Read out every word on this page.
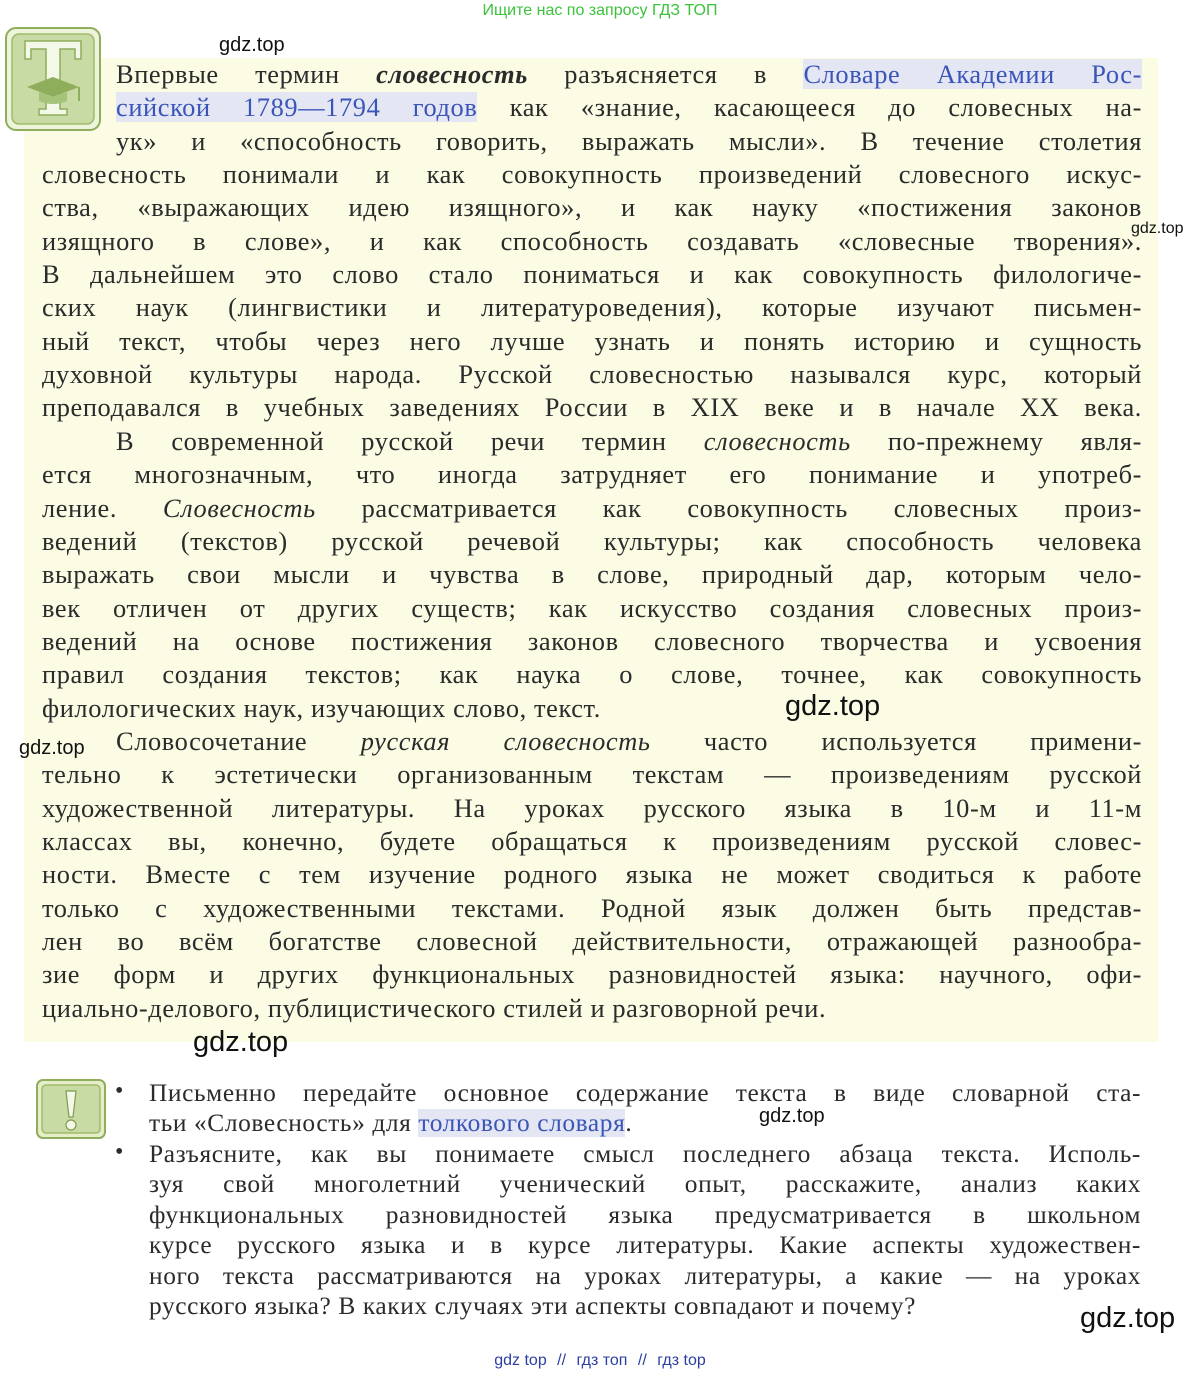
Ищите нас по запросу ГДЗ ТОП
Впервые термин словесность разъясняется в Словаре Академии Рос-
сийской 1789—1794 годов как «знание, касающееся до словесных на-
ук» и «способность говорить, выражать мысли». В течение столетия
словесность понимали и как совокупность произведений словесного искус-
ства, «выражающих идею изящного», и как науку «постижения законов
изящного в слове», и как способность создавать «словесные творения».
В дальнейшем это слово стало пониматься и как совокупность филологиче-
ских наук (лингвистики и литературоведения), которые изучают письмен-
ный текст, чтобы через него лучше узнать и понять историю и сущность
духовной культуры народа. Русской словесностью назывался курс, который
преподавался в учебных заведениях России в XIX веке и в начале XX века.
В современной русской речи термин словесность по-прежнему явля-
ется многозначным, что иногда затрудняет его понимание и употреб-
ление. Словесность рассматривается как совокупность словесных произ-
ведений (текстов) русской речевой культуры; как способность человека
выражать свои мысли и чувства в слове, природный дар, которым чело-
век отличен от других существ; как искусство создания словесных произ-
ведений на основе постижения законов словесного творчества и усвоения
правил создания текстов; как наука о слове, точнее, как совокупность
филологических наук, изучающих слово, текст.
Словосочетание русская словесность часто используется примени-
тельно к эстетически организованным текстам — произведениям русской
художественной литературы. На уроках русского языка в 10-м и 11-м
классах вы, конечно, будете обращаться к произведениям русской словес-
ности. Вместе с тем изучение родного языка не может сводиться к работе
только с художественными текстами. Родной язык должен быть представ-
лен во всём богатстве словесной действительности, отражающей разнообра-
зие форм и других функциональных разновидностей языка: научного, офи-
циально-делового, публицистического стилей и разговорной речи.
• Письменно передайте основное содержание текста в виде словарной ста-
тьи «Словесность» для толкового словаря.
• Разъясните, как вы понимаете смысл последнего абзаца текста. Исполь-
зуя свой многолетний ученический опыт, расскажите, анализ каких
функциональных разновидностей языка предусматривается в школьном
курсе русского языка и в курсе литературы. Какие аспекты художествен-
ного текста рассматриваются на уроках литературы, а какие — на уроках
русского языка? В каких случаях эти аспекты совпадают и почему?
gdz.top
gdz.top
gdz.top
gdz.top
gdz.top
gdz.top
gdz.top
gdz top // гдз топ // гдз top
